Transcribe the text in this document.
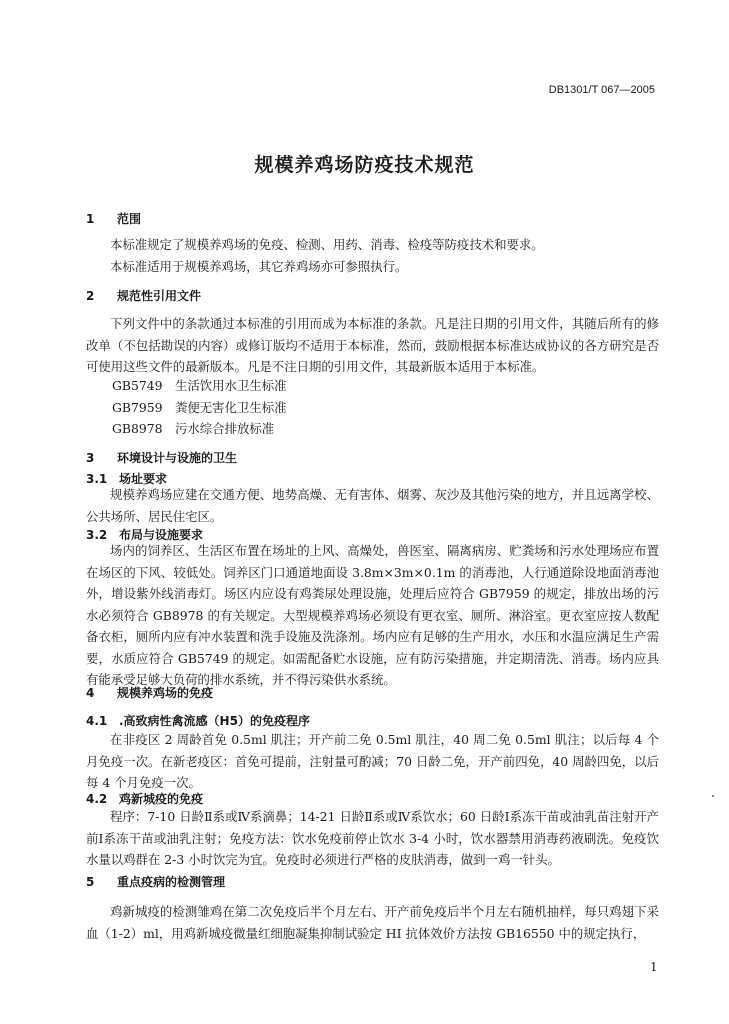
DB1301/T 067—2005
规模养鸡场防疫技术规范
1 范围
本标准规定了规模养鸡场的免疫、检测、用药、消毒、检疫等防疫技术和要求。
本标准适用于规模养鸡场，其它养鸡场亦可参照执行。
2 规范性引用文件
下列文件中的条款通过本标准的引用而成为本标准的条款。凡是注日期的引用文件，其随后所有的修改单（不包括勘误的内容）或修订版均不适用于本标准，然而，鼓励根据本标准达成协议的各方研究是否可使用这些文件的最新版本。凡是不注日期的引用文件，其最新版本适用于本标准。
GB5749 生活饮用水卫生标准
GB7959 粪便无害化卫生标准
GB8978 污水综合排放标准
3 环境设计与设施的卫生
3.1 场址要求
规模养鸡场应建在交通方便、地势高燥、无有害体、烟雾、灰沙及其他污染的地方，并且远离学校、公共场所、居民住宅区。
3.2 布局与设施要求
场内的饲养区、生活区布置在场址的上风、高燥处，兽医室、隔离病房、贮粪场和污水处理场应布置在场区的下风、较低处。饲养区门口通道地面设 3.8m×3m×0.1m 的消毒池，人行通道除设地面消毒池外，增设紫外线消毒灯。场区内应设有鸡粪尿处理设施，处理后应符合 GB7959 的规定，排放出场的污水必须符合 GB8978 的有关规定。大型规模养鸡场必须设有更衣室、厕所、淋浴室。更衣室应按人数配备衣柜，厕所内应有冲水装置和洗手设施及洗涤剂。场内应有足够的生产用水，水压和水温应满足生产需要，水质应符合 GB5749 的规定。如需配备贮水设施，应有防污染措施，并定期清洗、消毒。场内应具有能承受足够大负荷的排水系统，并不得污染供水系统。
4 规模养鸡场的免疫
4.1 .高致病性禽流感（H5）的免疫程序
在非疫区 2 周龄首免 0.5ml 肌注；开产前二免 0.5ml 肌注，40 周二免 0.5ml 肌注；以后每 4 个月免疫一次。在新老疫区：首免可提前，注射量可酌减；70 日龄二免，开产前四免，40 周龄四免，以后每 4 个月免疫一次。
4.2 鸡新城疫的免疫
程序：7-10 日龄Ⅱ系或Ⅳ系滴鼻；14-21 日龄Ⅱ系或Ⅳ系饮水；60 日龄Ⅰ系冻干苗或油乳苗注射开产前Ⅰ系冻干苗或油乳注射；免疫方法：饮水免疫前停止饮水 3-4 小时，饮水器禁用消毒药液刷洗。免疫饮水量以鸡群在 2-3 小时饮完为宜。免疫时必须进行严格的皮肤消毒，做到一鸡一针头。
5 重点疫病的检测管理
鸡新城疫的检测雏鸡在第二次免疫后半个月左右、开产前免疫后半个月左右随机抽样，每只鸡翅下采血（1-2）ml，用鸡新城疫微量红细胞凝集抑制试验定 HI 抗体效价方法按 GB16550 中的规定执行，
1
